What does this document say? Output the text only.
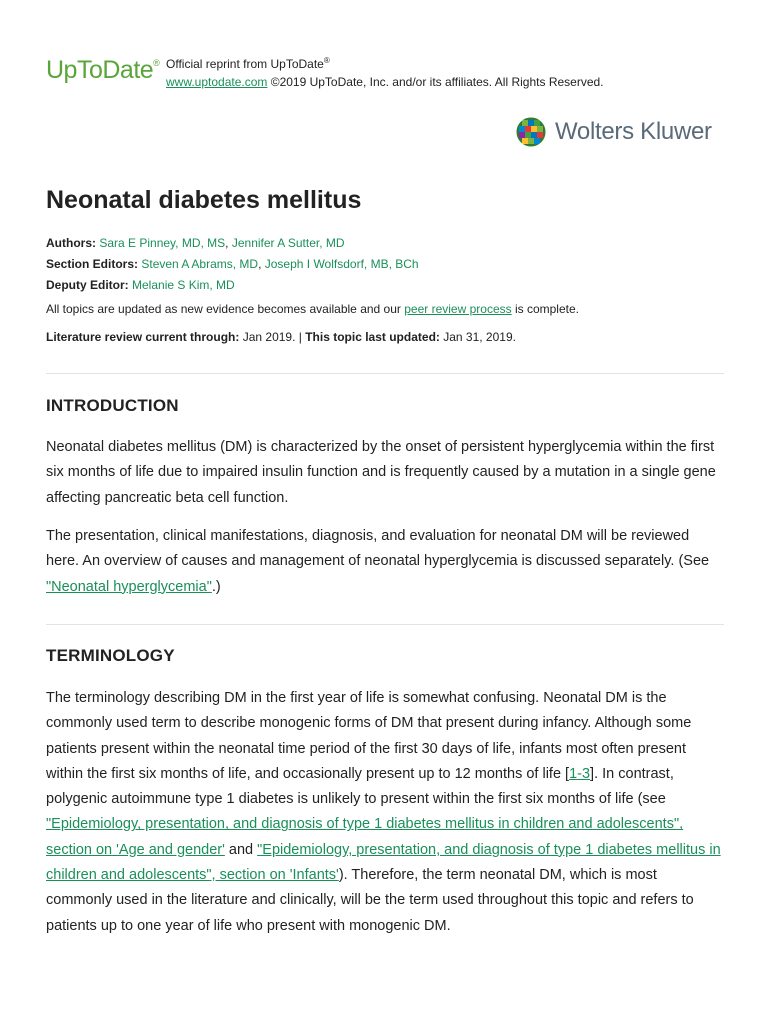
UpToDate® Official reprint from UpToDate®
www.uptodate.com ©2019 UpToDate, Inc. and/or its affiliates. All Rights Reserved.
Wolters Kluwer
Neonatal diabetes mellitus
Authors: Sara E Pinney, MD, MS, Jennifer A Sutter, MD
Section Editors: Steven A Abrams, MD, Joseph I Wolfsdorf, MB, BCh
Deputy Editor: Melanie S Kim, MD
All topics are updated as new evidence becomes available and our peer review process is complete.
Literature review current through: Jan 2019. | This topic last updated: Jan 31, 2019.
INTRODUCTION

Neonatal diabetes mellitus (DM) is characterized by the onset of persistent hyperglycemia within the first six months of life due to impaired insulin function and is frequently caused by a mutation in a single gene affecting pancreatic beta cell function.

The presentation, clinical manifestations, diagnosis, and evaluation for neonatal DM will be reviewed here. An overview of causes and management of neonatal hyperglycemia is discussed separately. (See "Neonatal hyperglycemia".)

TERMINOLOGY

The terminology describing DM in the first year of life is somewhat confusing. Neonatal DM is the commonly used term to describe monogenic forms of DM that present during infancy. Although some patients present within the neonatal time period of the first 30 days of life, infants most often present within the first six months of life, and occasionally present up to 12 months of life [1-3]. In contrast, polygenic autoimmune type 1 diabetes is unlikely to present within the first six months of life (see "Epidemiology, presentation, and diagnosis of type 1 diabetes mellitus in children and adolescents", section on 'Age and gender' and "Epidemiology, presentation, and diagnosis of type 1 diabetes mellitus in children and adolescents", section on 'Infants'). Therefore, the term neonatal DM, which is most commonly used in the literature and clinically, will be the term used throughout this topic and refers to patients up to one year of life who present with monogenic DM.
